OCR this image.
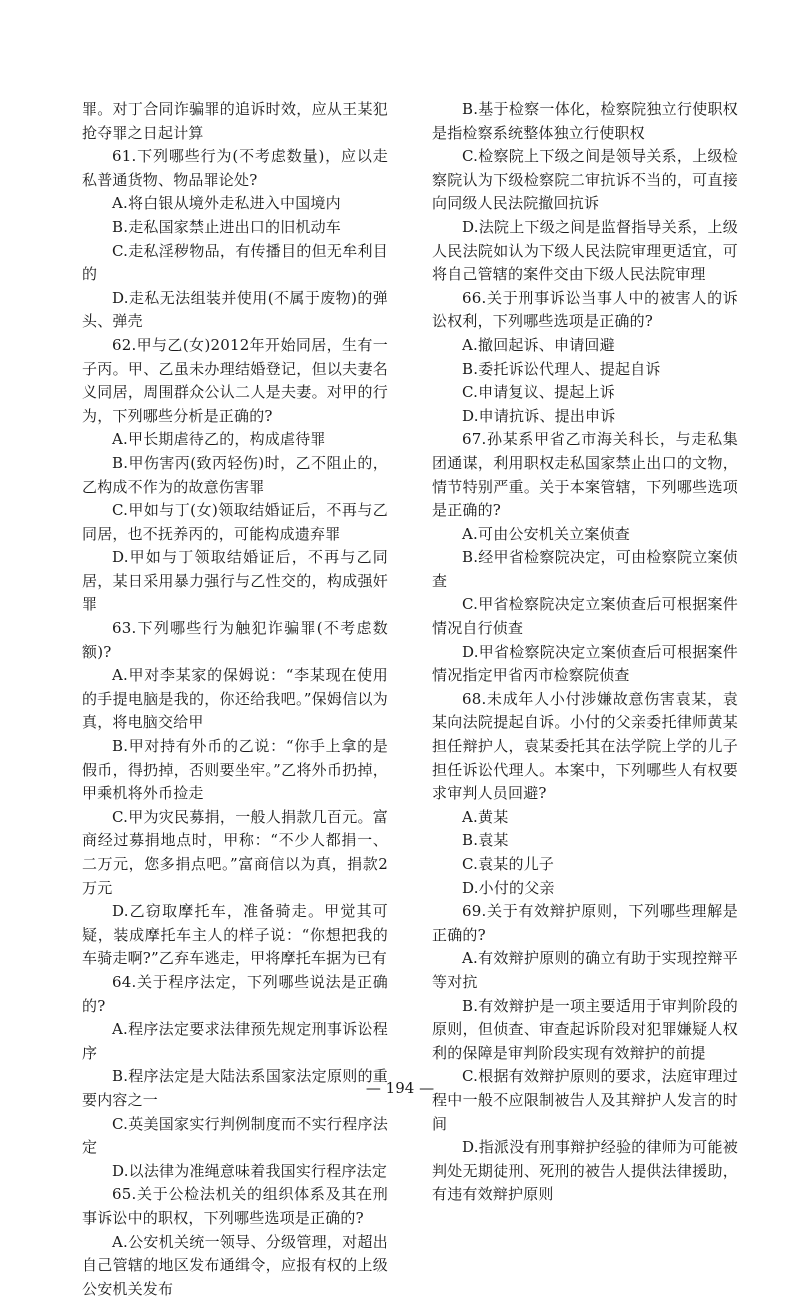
罪。对丁合同诈骗罪的追诉时效，应从王某犯抢夺罪之日起计算

61.下列哪些行为(不考虑数量)，应以走私普通货物、物品罪论处?

A.将白银从境外走私进入中国境内

B.走私国家禁止进出口的旧机动车

C.走私淫秽物品，有传播目的但无牟利目的

D.走私无法组装并使用(不属于废物)的弹头、弹壳

62.甲与乙(女)2012年开始同居，生有一子丙。甲、乙虽未办理结婚登记，但以夫妻名义同居，周围群众公认二人是夫妻。对甲的行为，下列哪些分析是正确的?

A.甲长期虐待乙的，构成虐待罪

B.甲伤害丙(致丙轻伤)时，乙不阻止的，乙构成不作为的故意伤害罪

C.甲如与丁(女)领取结婚证后，不再与乙同居，也不抚养丙的，可能构成遗弃罪

D.甲如与丁领取结婚证后，不再与乙同居，某日采用暴力强行与乙性交的，构成强奸罪

63.下列哪些行为触犯诈骗罪(不考虑数额)?

A.甲对李某家的保姆说：“李某现在使用的手提电脑是我的，你还给我吧。”保姆信以为真，将电脑交给甲

B.甲对持有外币的乙说：“你手上拿的是假币，得扔掉，否则要坐牢。”乙将外币扔掉，甲乘机将外币捡走

C.甲为灾民募捐，一般人捐款几百元。富商经过募捐地点时，甲称：“不少人都捐一、二万元，您多捐点吧。”富商信以为真，捐款2万元

D.乙窃取摩托车，准备骑走。甲觉其可疑，装成摩托车主人的样子说：“你想把我的车骑走啊?”乙弃车逃走，甲将摩托车据为已有

64.关于程序法定，下列哪些说法是正确的?

A.程序法定要求法律预先规定刑事诉讼程序

B.程序法定是大陆法系国家法定原则的重要内容之一

C.英美国家实行判例制度而不实行程序法定

D.以法律为准绳意味着我国实行程序法定

65.关于公检法机关的组织体系及其在刑事诉讼中的职权，下列哪些选项是正确的?

A.公安机关统一领导、分级管理，对超出自己管辖的地区发布通缉令，应报有权的上级公安机关发布

B.基于检察一体化，检察院独立行使职权是指检察系统整体独立行使职权

C.检察院上下级之间是领导关系，上级检察院认为下级检察院二审抗诉不当的，可直接向同级人民法院撤回抗诉

D.法院上下级之间是监督指导关系，上级人民法院如认为下级人民法院审理更适宜，可将自己管辖的案件交由下级人民法院审理

66.关于刑事诉讼当事人中的被害人的诉讼权利，下列哪些选项是正确的?

A.撤回起诉、申请回避

B.委托诉讼代理人、提起自诉

C.申请复议、提起上诉

D.申请抗诉、提出申诉

67.孙某系甲省乙市海关科长，与走私集团通谋，利用职权走私国家禁止出口的文物，情节特别严重。关于本案管辖，下列哪些选项是正确的?

A.可由公安机关立案侦查

B.经甲省检察院决定，可由检察院立案侦查

C.甲省检察院决定立案侦查后可根据案件情况自行侦查

D.甲省检察院决定立案侦查后可根据案件情况指定甲省丙市检察院侦查

68.未成年人小付涉嫌故意伤害袁某，袁某向法院提起自诉。小付的父亲委托律师黄某担任辩护人，袁某委托其在法学院上学的儿子担任诉讼代理人。本案中，下列哪些人有权要求审判人员回避?

A.黄某

B.袁某

C.袁某的儿子

D.小付的父亲

69.关于有效辩护原则，下列哪些理解是正确的?

A.有效辩护原则的确立有助于实现控辩平等对抗

B.有效辩护是一项主要适用于审判阶段的原则，但侦查、审查起诉阶段对犯罪嫌疑人权利的保障是审判阶段实现有效辩护的前提

C.根据有效辩护原则的要求，法庭审理过程中一般不应限制被告人及其辩护人发言的时间

D.指派没有刑事辩护经验的律师为可能被判处无期徒刑、死刑的被告人提供法律援助，有违有效辩护原则

— 194 —
